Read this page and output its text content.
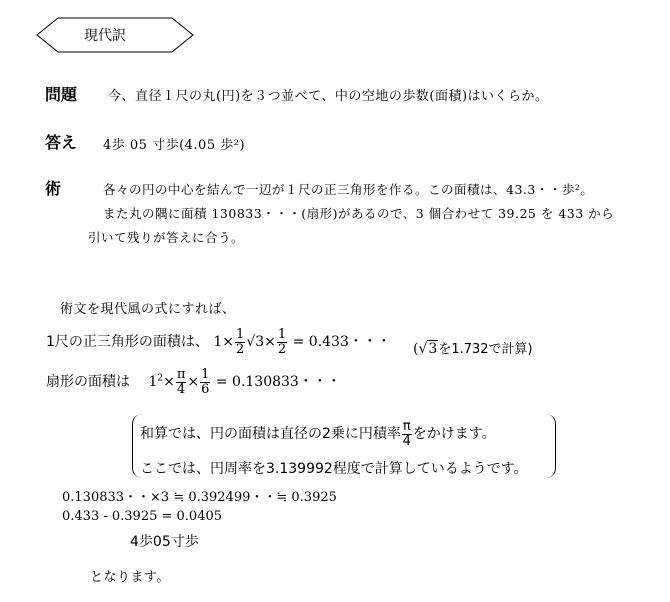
現代訳
問題 今、直径１尺の丸(円)を３つ並べて、中の空地の歩数(面積)はいくらか。
答え 4歩 05 寸歩(4.05 歩²)
術	各々の円の中心を結んで一辺が１尺の正三角形を作る。この面積は、43.3・・歩²。
また丸の隅に面積 130833・・・(扇形)があるので、3 個合わせて 39.25 を 433 から
引いて残りが答えに合う。
術文を現代風の式にすれば、
1尺の正三角形の面積は、 $1\times \frac{1}{2} √3\times \frac{1}{2} = 0.433$・・・ (√3を1.732で計算)
扇形の面積は $1^2\times \frac{\pi}{4} \times \frac{1}{6} = 0.130833$・・・
和算では、円の面積は直径の2乗に円積率 $\frac{\pi}{4}$ をかけます。
ここでは、円周率を3.139992程度で計算しているようです。
0.130833・・×3 ≒ 0.392499・・≒ 0.3925
0.433 - 0.3925 = 0.0405
4歩05寸歩
となります。
